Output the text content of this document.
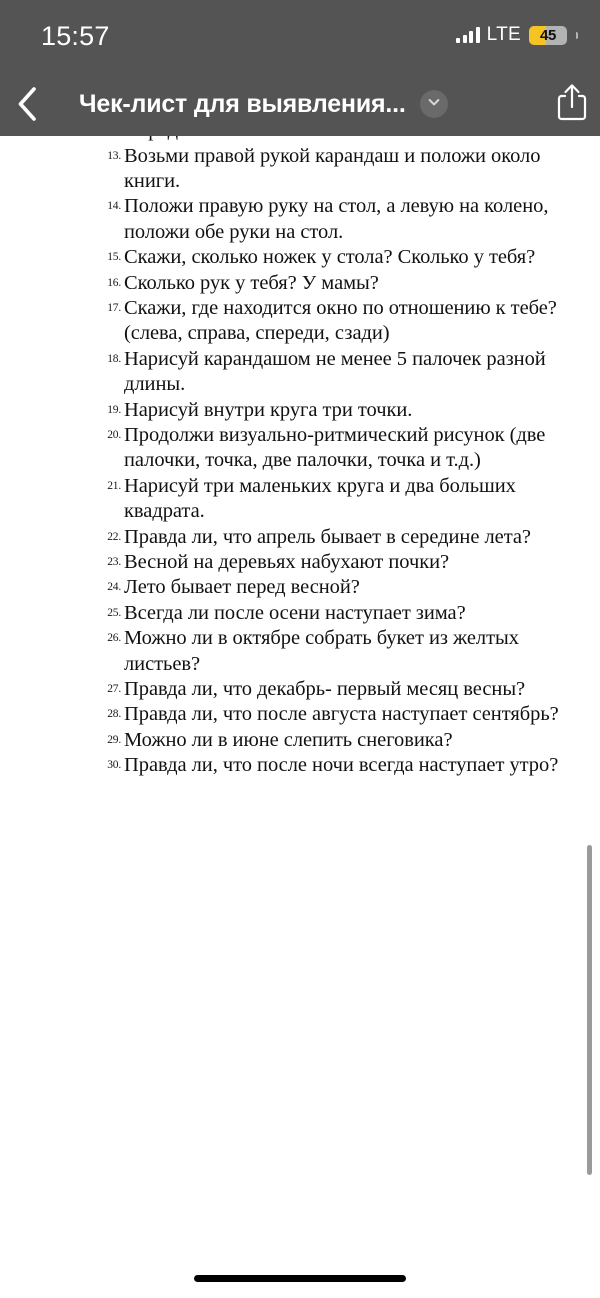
13. Возьми правой рукой карандаш и положи около книги.
14. Положи правую руку на стол, а левую на колено, положи обе руки на стол.
15. Скажи, сколько ножек у стола? Сколько у тебя?
16. Сколько рук у тебя? У мамы?
17. Скажи, где находится окно по отношению к тебе? (слева, справа, спереди, сзади)
18. Нарисуй карандашом не менее 5 палочек разной длины.
19. Нарисуй внутри круга три точки.
20. Продолжи визуально-ритмический рисунок (две палочки, точка, две палочки, точка и т.д.)
21. Нарисуй три маленьких круга и два больших квадрата.
22. Правда ли, что апрель бывает в середине лета?
23. Весной на деревьях набухают почки?
24. Лето бывает перед весной?
25. Всегда ли после осени наступает зима?
26. Можно ли в октябре собрать букет из желтых листьев?
27. Правда ли, что декабрь- первый месяц весны?
28. Правда ли, что после августа наступает сентябрь?
29. Можно ли в июне слепить снеговика?
30. Правда ли, что после ночи всегда наступает утро?
15:57	LTE	45
Чек-лист для выявления...
